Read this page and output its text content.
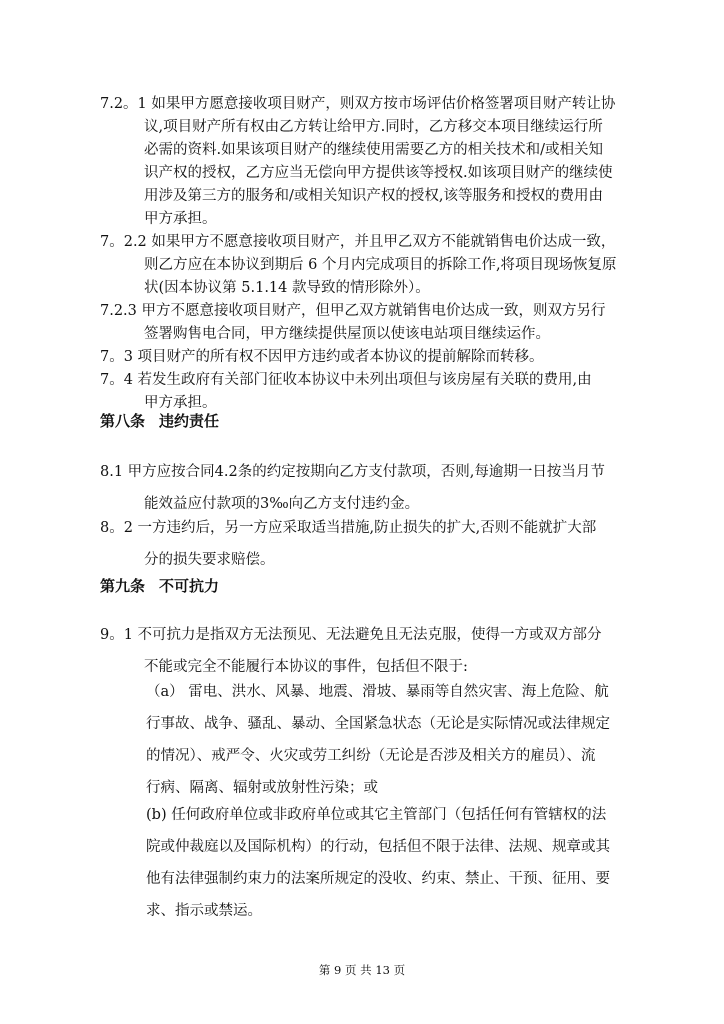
7.2。1 如果甲方愿意接收项目财产，则双方按市场评估价格签署项目财产转让协
议,项目财产所有权由乙方转让给甲方.同时，乙方移交本项目继续运行所
必需的资料.如果该项目财产的继续使用需要乙方的相关技术和/或相关知
识产权的授权，乙方应当无偿向甲方提供该等授权.如该项目财产的继续使
用涉及第三方的服务和/或相关知识产权的授权,该等服务和授权的费用由
甲方承担。
7。2.2 如果甲方不愿意接收项目财产，并且甲乙双方不能就销售电价达成一致，
则乙方应在本协议到期后 6 个月内完成项目的拆除工作,将项目现场恢复原
状(因本协议第 5.1.14 款导致的情形除外）。
7.2.3 甲方不愿意接收项目财产，但甲乙双方就销售电价达成一致，则双方另行
签署购售电合同，甲方继续提供屋顶以使该电站项目继续运作。
7。3 项目财产的所有权不因甲方违约或者本协议的提前解除而转移。
7。4 若发生政府有关部门征收本协议中未列出项但与该房屋有关联的费用,由
甲方承担。
第八条 违约责任
8.1 甲方应按合同4.2条的约定按期向乙方支付款项，否则,每逾期一日按当月节
能效益应付款项的3‰向乙方支付违约金。
8。2 一方违约后，另一方应采取适当措施,防止损失的扩大,否则不能就扩大部
分的损失要求赔偿。
第九条 不可抗力
9。1 不可抗力是指双方无法预见、无法避免且无法克服，使得一方或双方部分
不能或完全不能履行本协议的事件，包括但不限于:
（a） 雷电、洪水、风暴、地震、滑坡、暴雨等自然灾害、海上危险、航
行事故、战争、骚乱、暴动、全国紧急状态（无论是实际情况或法律规定
的情况）、戒严令、火灾或劳工纠纷（无论是否涉及相关方的雇员）、流
行病、隔离、辐射或放射性污染；或
(b) 任何政府单位或非政府单位或其它主管部门（包括任何有管辖权的法
院或仲裁庭以及国际机构）的行动，包括但不限于法律、法规、规章或其
他有法律强制约束力的法案所规定的没收、约束、禁止、干预、征用、要
求、指示或禁运。
第 9 页 共 13 页
